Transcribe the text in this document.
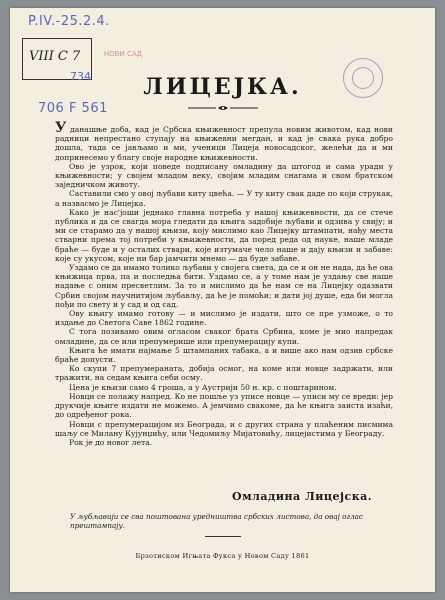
P.IV.-25.2.4.
VIII C 7	НОВИ САД
734
706 F 561
ЛИЦЕЈКА.

У данашње доба, кад је Србска књижевност препула новим животом, кад нови радници непрестано ступају на књижевни мегдан, и кад је свака рука добро дошла, тада се јављамо и ми, ученици Лицеја новосадског, желећи да и ми допринесемо у благу своје народне књижевности.

Ово је узрок, који поведе подписану омладину да штогод и сама уради у књижевности; у својем младом веку, својим младим снагама и свом братском заједничком животу.

Саставили смо у овој љубави киту цвећа. — У ту киту свак даде по који струкак, а назвасмо је Лицејка.

Како је нас'јоши једнако главна потреба у нашој књижевности, да се стече публика и да се свагда мора гледати да књига задобије љубави и одзива у свију; и ми се старамо да у нашој књизи, коју мислимо као Лицејку штампати, нађу места стварни према тој потреби у књижевности, да поред реда од науке, наше младе браће — буде и у осталих ствари, које изтумаче чело наше и дају књизи и забаве: које су укусом, које ни бар јамчити мнемо — да буде забаве.

Уздамо се да имамо толико љубави у својега света, да се и он не нада, да ће ова књижица прва, па и последња бити. Уздамо се, а у томе нам је уздању све наше надање с оним пресветлим. За то и мислимо да ће нам се на Лицејку одазвати Србин својом научнитијом љубављу, да ће је помоћи; и дати јој душе, еда би могла пођи по свету и у сад и од сад.

Ову књигу имамо готову — и мислимо је издати, што се пре узможе, о то издање до Светога Саве 1862 године.

С тога позивамо овим огласом сваког брата Србина, коме је мио напредак омладине, да се или препумерише или препумерацију купи.

Књига ће имати најмање 5 штампаних табака, а и више ако нам одзив србске браће допусти.

Ко скупи 7 препумераната, добија осмог, на коме или новце задржати, или тражити, на седам књига себи осму.

Цена је књизи само 4 гроша, а у Аустрији 50 н. кр. с поштарином.

Новци се полажу напред. Ко не пошље уз уписе новце — уписи му се вреди: јер друкчије књиге издати не можемо. А јемчимо свакоме, да ће књига заиста изаћи, до одређеног рока.

Новци с препумерацијом из Београда, и с других страна у плаћеним писмима шаљу се Милану Кујунџићу, или Чедомиљу Мијатовићу, лицејистима у Београду.

Рок је до новог лета.

Омладина Лицејска.
У љубљавији се сва поштована уредништва србских листова, да овај оглас прештампају.
Брзотиском Игњата Фукса у Новом Саду 1861
